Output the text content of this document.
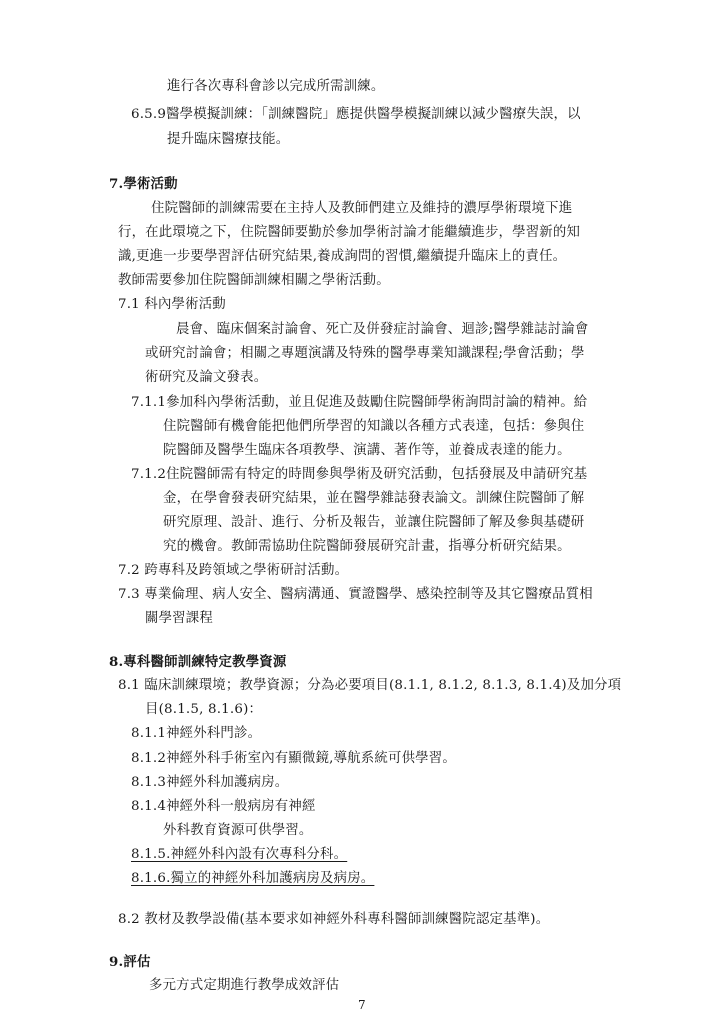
進行各次專科會診以完成所需訓練。
6.5.9醫學模擬訓練：「訓練醫院」應提供醫學模擬訓練以減少醫療失誤，以
提升臨床醫療技能。
7.學術活動
住院醫師的訓練需要在主持人及教師們建立及維持的濃厚學術環境下進
行，在此環境之下，住院醫師要勤於參加學術討論才能繼續進步，學習新的知
識,更進一步要學習評估研究結果,養成詢問的習慣,繼續提升臨床上的責任。
教師需要參加住院醫師訓練相關之學術活動。
7.1 科內學術活動
晨會、臨床個案討論會、死亡及併發症討論會、迴診;醫學雜誌討論會
或研究討論會；相關之專題演講及特殊的醫學專業知識課程;學會活動；學
術研究及論文發表。
7.1.1參加科內學術活動，並且促進及鼓勵住院醫師學術詢問討論的精神。給
住院醫師有機會能把他們所學習的知識以各種方式表達，包括：參與住
院醫師及醫學生臨床各項教學、演講、著作等，並養成表達的能力。
7.1.2住院醫師需有特定的時間參與學術及研究活動，包括發展及申請研究基
金，在學會發表研究結果，並在醫學雜誌發表論文。訓練住院醫師了解
研究原理、設計、進行、分析及報告，並讓住院醫師了解及參與基礎研
究的機會。教師需協助住院醫師發展研究計畫，指導分析研究結果。
7.2 跨專科及跨領域之學術研討活動。
7.3 專業倫理、病人安全、醫病溝通、實證醫學、感染控制等及其它醫療品質相
關學習課程
8.專科醫師訓練特定教學資源
8.1 臨床訓練環境；教學資源；分為必要項目(8.1.1, 8.1.2, 8.1.3, 8.1.4)及加分項
目(8.1.5, 8.1.6)：
8.1.1神經外科門診。
8.1.2神經外科手術室內有顯微鏡,導航系統可供學習。
8.1.3神經外科加護病房。
8.1.4神經外科一般病房有神經
外科教育資源可供學習。
8.1.5.神經外科內設有次專科分科。
8.1.6.獨立的神經外科加護病房及病房。
8.2 教材及教學設備(基本要求如神經外科專科醫師訓練醫院認定基準)。
9.評估
多元方式定期進行教學成效評估
7
